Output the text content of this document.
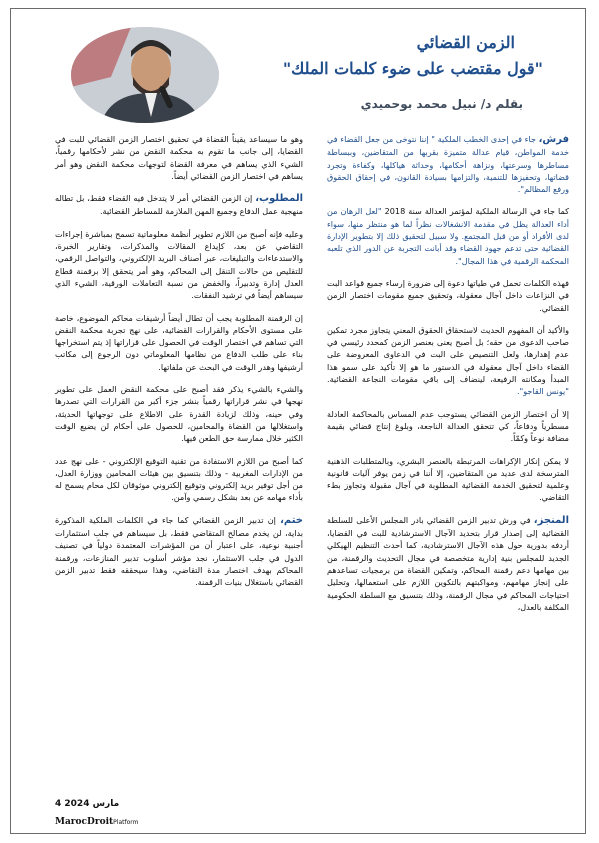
الزمن القضائي
"قول مقتضب على ضوء كلمات الملك"
بقلم د/ نبيل محمد بوحميدي

فرش، جاء في إحدى الخطب الملكية " إننا نتوخى من جعل القضاء في خدمة المواطن، قيام عدالة متميزة بقربها من المتقاضين، وببساطة مساطرها وسرعتها، ونزاهة أحكامها، وحداثة هياكلها، وكفاءة وتجرد قضاتها، وتحفيزها للتنمية، والتزامها بسيادة القانون، في إحقاق الحقوق ورفع المظالم".

كما جاء في الرسالة الملكية لمؤتمر العدالة سنة 2018 "لعل الرهان من أداء العدالة يظل في مقدمة الانشغالات نظراً لما هو منتظر منها، سواء لدى الأفراد أو من قبل المجتمع. ولا سبيل لتحقيق ذلك إلا بتطوير الإدارة القضائية حتى تدعم جهود القضاء وقد أبانت التجربة عن الدور الذي تلعبه المحكمة الرقمية في هذا المجال".

فهذه الكلمات تحمل في طياتها دعوة إلى ضرورة إرساء جميع قواعد البت في النزاعات داخل آجال معقولة، وتحقيق جميع مقومات اختصار الزمن القضائي.

والأكيد أن المفهوم الحديث لاستحقاق الحقوق المعني يتجاوز مجرد تمكين صاحب الدعوى من حقه؛ بل أصبح يعنى بعنصر الزمن كمحدد رئيسي في عدم إهدارها، ولعل التنصيص على البت في الدعاوى المعروضة على القضاء داخل آجال معقولة في الدستور ما هو إلا تأكيد على سمو هذا المبدأ ومكانته الرفيعة، لينضاف إلى باقي مقومات النجاعة القضائية. "يونس القاجو".

إلا أن اختصار الزمن القضائي يستوجب عدم المساس بالمحاكمة العادلة مسطرياً ودفاعاً، كي تتحقق العدالة الناجعة، وبلوغ إنتاج قضائي بقيمة مضافة نوعاً وكمّاً.

لا يمكن إنكار الإكراهات المرتبطة بالعنصر البشري، وبالمتطلبات الذهنية المترسخة لدى عديد من المتقاضين، إلا أننا في زمن يوفر آليات قانونية وعلمية لتحقيق الخدمة القضائية المطلوبة في آجال مقبولة وتجاوز بطء التقاضي.

المنجز، في ورش تدبير الزمن القضائي بادر المجلس الأعلى للسلطة القضائية إلى إصدار قرار بتحديد الآجال الاسترشادية للبت في القضايا، أردفه بدورية حول هذه الآجال الاسترشادية، كما أحدث التنظيم الهيكلي الجديد للمجلس بنية إدارية متخصصة في مجال التحديث والرقمنة، من بين مهامها دعم رقمنة المحاكم، وتمكين القضاة من برمجيات تساعدهم على إنجاز مهامهم، ومواكبتهم بالتكوين اللازم على استعمالها، وتحليل احتياجات المحاكم في مجال الرقمنة، وذلك بتنسيق مع السلطة الحكومية المكلفة بالعدل،

وهو ما سيساعد يقيناً القضاة في تحقيق اختصار الزمن القضائي للبت في القضايا، إلى جانب ما تقوم به محكمة النقض من نشر لأحكامها رقمياً، الشيء الذي يساهم في معرفة القضاة لتوجهات محكمة النقض وهو أمر يساهم في اختصار الزمن القضائي أيضاً.

المطلوب، إن الزمن القضائي أمر لا يتدخل فيه القضاء فقط، بل تطاله منهجية عمل الدفاع وجميع المهن الملازمة للمساطر القضائية.

وعليه فإنه أصبح من اللازم تطوير أنظمة معلوماتية تسمح بمباشرة إجراءات التقاضي عن بعد، كإيداع المقالات والمذكرات، وتقارير الخبرة، والاستدعاءات والتبليغات، عبر أصناف البريد الإلكتروني، والتواصل الرقمي، للتقليص من حالات التنقل إلى المحاكم، وهو أمر يتحقق إلا برقمنة قطاع العدل إدارة وتدبيراً، والخفض من نسبة التعاملات الورقية، الشيء الذي سيساهم أيضاً في ترشيد النفقات.

إن الرقمنة المطلوبة يجب أن تطال أيضاً أرشيفات محاكم الموضوع، خاصة على مستوى الأحكام والقرارات القضائية، على نهج تجربة محكمة النقض التي تساهم في اختصار الوقت في الحصول على قراراتها إذ يتم استخراجها بناء على طلب الدفاع من نظامها المعلوماتي دون الرجوع إلى مكاتب أرشيفها وهدر الوقت في البحث عن ملفاتها.

والشيء بالشيء يذكر فقد أصبح على محكمة النقض العمل على تطوير نهجها في نشر قراراتها رقمياً بنشر جزء أكبر من القرارات التي تصدرها وفي حينه، وذلك لزيادة القدرة على الاطلاع على توجهاتها الحديثة، واستغلالها من القضاة والمحامين، للحصول على أحكام لن يضيع الوقت الكثير خلال ممارسة حق الطعن فيها.

كما أصبح من اللازم الاستفادة من تقنية التوقيع الإلكتروني - على نهج عدد من الإدارات المغربية - وذلك بتنسيق بين هيئات المحامين ووزارة العدل، من أجل توفير بريد إلكتروني وتوقيع إلكتروني موثوقان لكل محام يسمح له بأداء مهامه عن بعد بشكل رسمي وآمن.

ختم، إن تدبير الزمن القضائي كما جاء في الكلمات الملكية المذكورة بداية، لن يخدم مصالح المتقاضي فقط، بل سيساهم في جلب استثمارات أجنبية نوعية، على اعتبار أن من المؤشرات المعتمدة دولياً في تصنيف الدول في جلب الاستثمار، نجد مؤشر أسلوب تدبير المنازعات، ورقمنة المحاكم بهدف اختصار مدة التقاضي، وهذا سيحققه فقط تدبير الزمن القضائي باستغلال بنيات الرقمنة.

4 مارس 2024
MarocDroitPlatform
